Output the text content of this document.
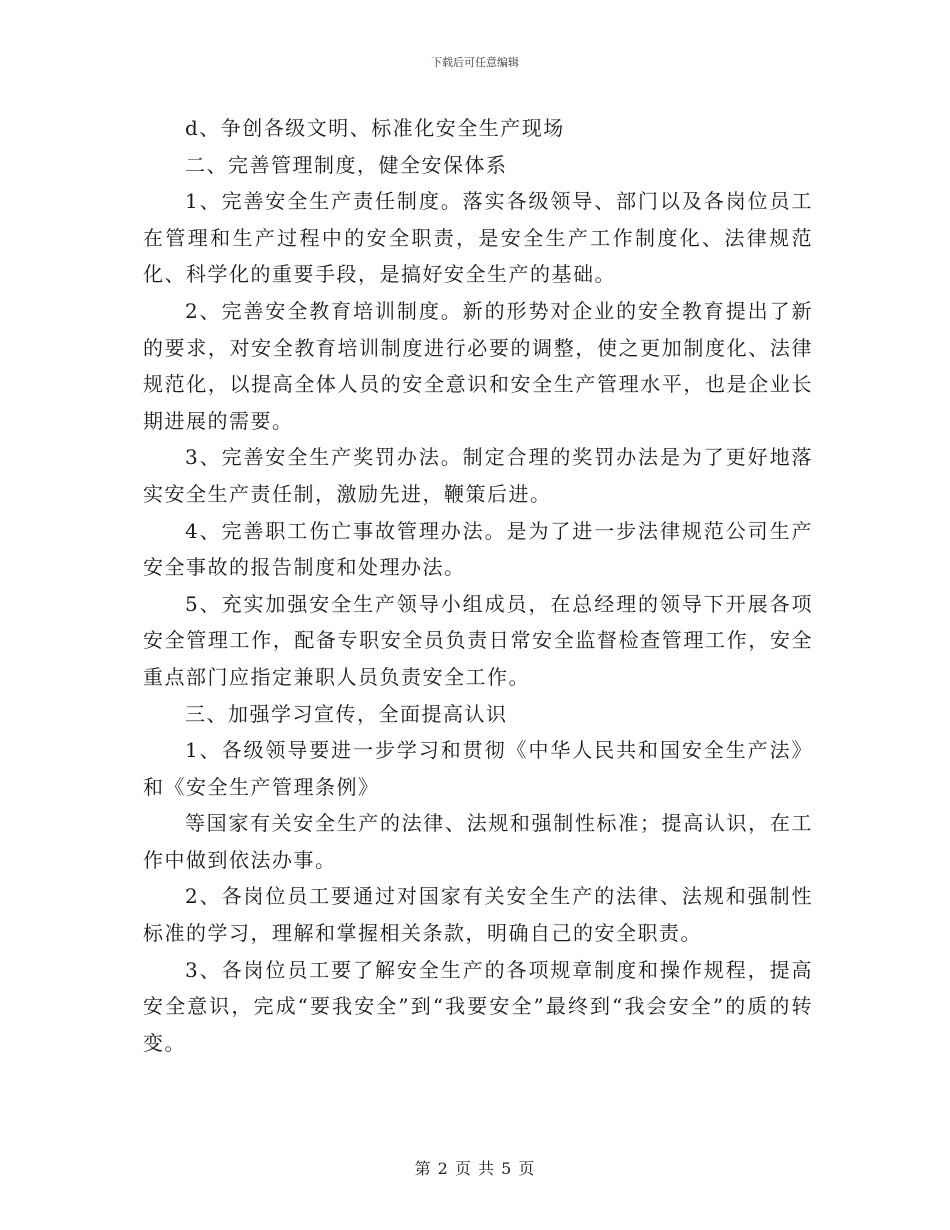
下载后可任意编辑

d、争创各级文明、标准化安全生产现场

二、完善管理制度，健全安保体系

1、完善安全生产责任制度。落实各级领导、部门以及各岗位员工在管理和生产过程中的安全职责，是安全生产工作制度化、法律规范化、科学化的重要手段，是搞好安全生产的基础。

2、完善安全教育培训制度。新的形势对企业的安全教育提出了新的要求，对安全教育培训制度进行必要的调整，使之更加制度化、法律规范化，以提高全体人员的安全意识和安全生产管理水平，也是企业长期进展的需要。

3、完善安全生产奖罚办法。制定合理的奖罚办法是为了更好地落实安全生产责任制，激励先进，鞭策后进。

4、完善职工伤亡事故管理办法。是为了进一步法律规范公司生产安全事故的报告制度和处理办法。

5、充实加强安全生产领导小组成员，在总经理的领导下开展各项安全管理工作，配备专职安全员负责日常安全监督检查管理工作，安全重点部门应指定兼职人员负责安全工作。

三、加强学习宣传，全面提高认识

1、各级领导要进一步学习和贯彻《中华人民共和国安全生产法》和《安全生产管理条例》

等国家有关安全生产的法律、法规和强制性标准；提高认识，在工作中做到依法办事。

2、各岗位员工要通过对国家有关安全生产的法律、法规和强制性标准的学习，理解和掌握相关条款，明确自己的安全职责。

3、各岗位员工要了解安全生产的各项规章制度和操作规程，提高安全意识，完成“要我安全”到“我要安全”最终到“我会安全”的质的转变。

第 2 页 共 5 页
